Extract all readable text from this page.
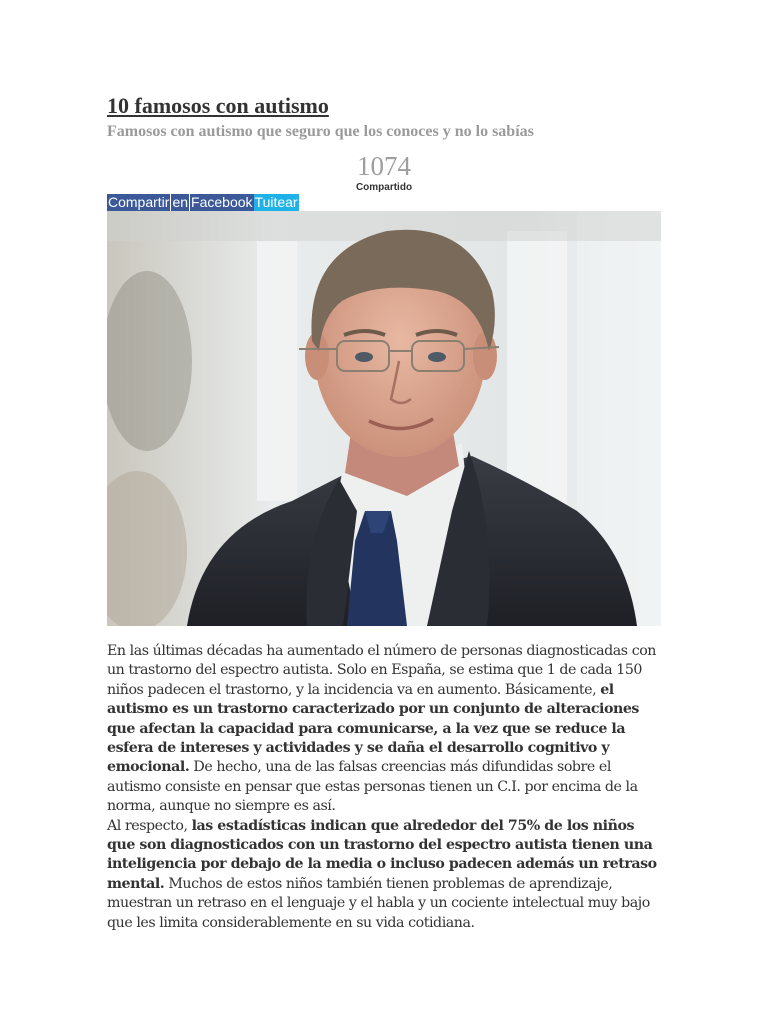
10 famosos con autismo
Famosos con autismo que seguro que los conoces y no lo sabías
1074
Compartido
Compartir en Facebook Tuitear

En las últimas décadas ha aumentado el número de personas diagnosticadas con un trastorno del espectro autista. Solo en España, se estima que 1 de cada 150 niños padecen el trastorno, y la incidencia va en aumento. Básicamente, el autismo es un trastorno caracterizado por un conjunto de alteraciones que afectan la capacidad para comunicarse, a la vez que se reduce la esfera de intereses y actividades y se daña el desarrollo cognitivo y emocional. De hecho, una de las falsas creencias más difundidas sobre el autismo consiste en pensar que estas personas tienen un C.I. por encima de la norma, aunque no siempre es así.

Al respecto, las estadísticas indican que alrededor del 75% de los niños que son diagnosticados con un trastorno del espectro autista tienen una inteligencia por debajo de la media o incluso padecen además un retraso mental. Muchos de estos niños también tienen problemas de aprendizaje, muestran un retraso en el lenguaje y el habla y un cociente intelectual muy bajo que les limita considerablemente en su vida cotidiana.
